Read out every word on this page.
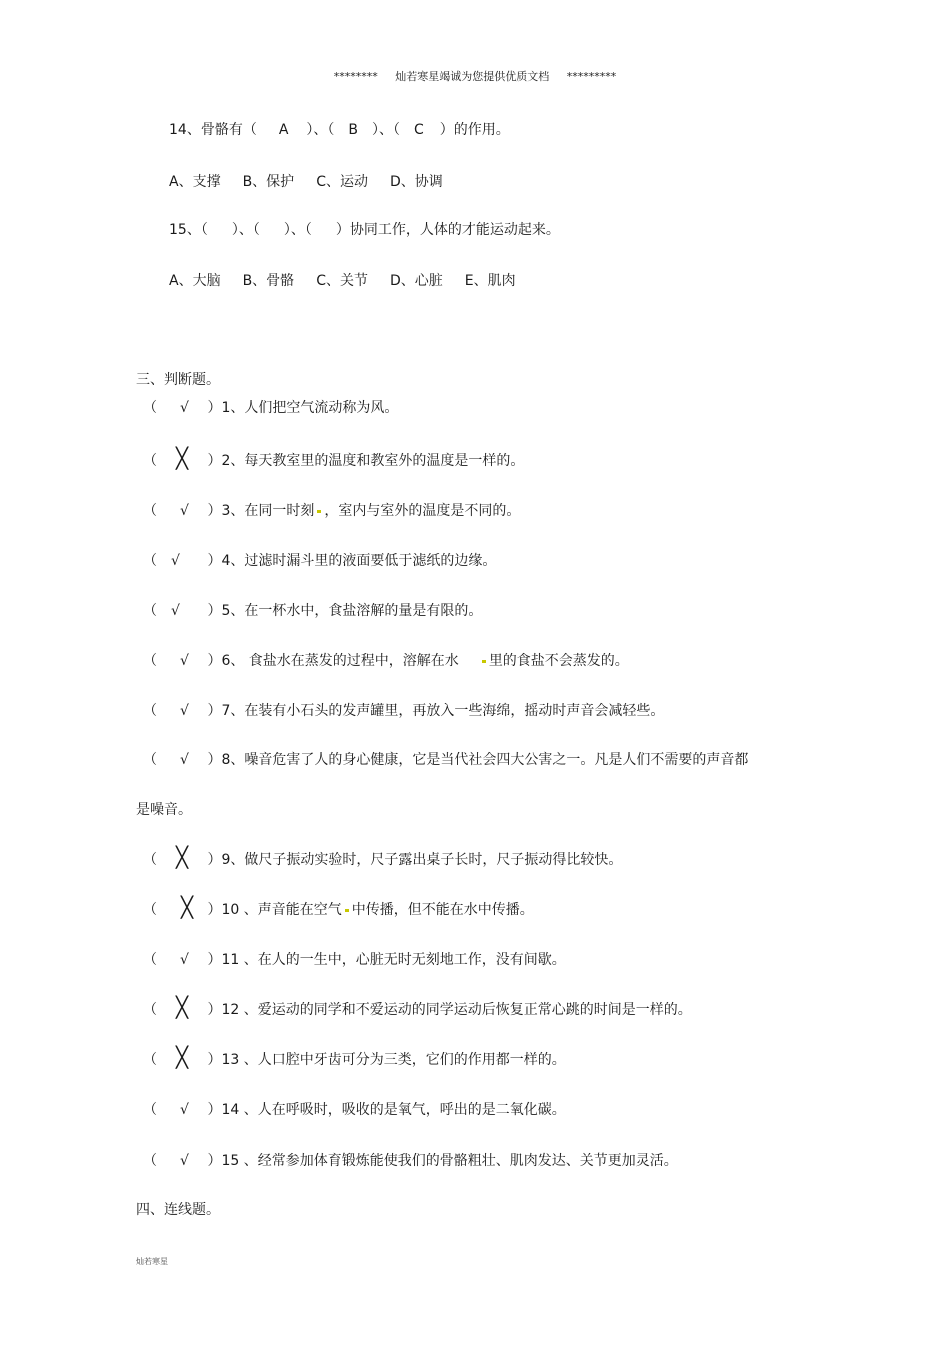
******** 灿若寒星竭诚为您提供优质文档 *********
14、骨骼有（ A ）、（ B ）、（ C ）的作用。
A、支撑 B、保护 C、运动 D、协调
15、（ ）、（ ）、（ ）协同工作，人体的才能运动起来。
A、大脑 B、骨骼 C、关节 D、心脏 E、肌肉
三、判断题。
（ √ ）1、人们把空气流动称为风。
（ ╳ ）2、每天教室里的温度和教室外的温度是一样的。
（ √ ）3、在同一时刻 ，室内与室外的温度是不同的。
（ √ ）4、过滤时漏斗里的液面要低于滤纸的边缘。
（ √ ）5、在一杯水中，食盐溶解的量是有限的。
（ √ ）6、 食盐水在蒸发的过程中，溶解在水 里的食盐不会蒸发的。
（ √ ）7、在装有小石头的发声罐里，再放入一些海绵，摇动时声音会减轻些。
（ √ ）8、噪音危害了人的身心健康，它是当代社会四大公害之一。凡是人们不需要的声音都
是噪音。
（ ╳ ）9、做尺子振动实验时，尺子露出桌子长时，尺子振动得比较快。
（ ╳ ）10 、声音能在空气 中传播，但不能在水中传播。
（ √ ）11 、在人的一生中，心脏无时无刻地工作，没有间歇。
（ ╳ ）12 、爱运动的同学和不爱运动的同学运动后恢复正常心跳的时间是一样的。
（ ╳ ）13 、人口腔中牙齿可分为三类，它们的作用都一样的。
（ √ ）14 、人在呼吸时，吸收的是氧气，呼出的是二氧化碳。
（ √ ）15 、经常参加体育锻炼能使我们的骨骼粗壮、肌肉发达、关节更加灵活。
四、连线题。
灿若寒星
